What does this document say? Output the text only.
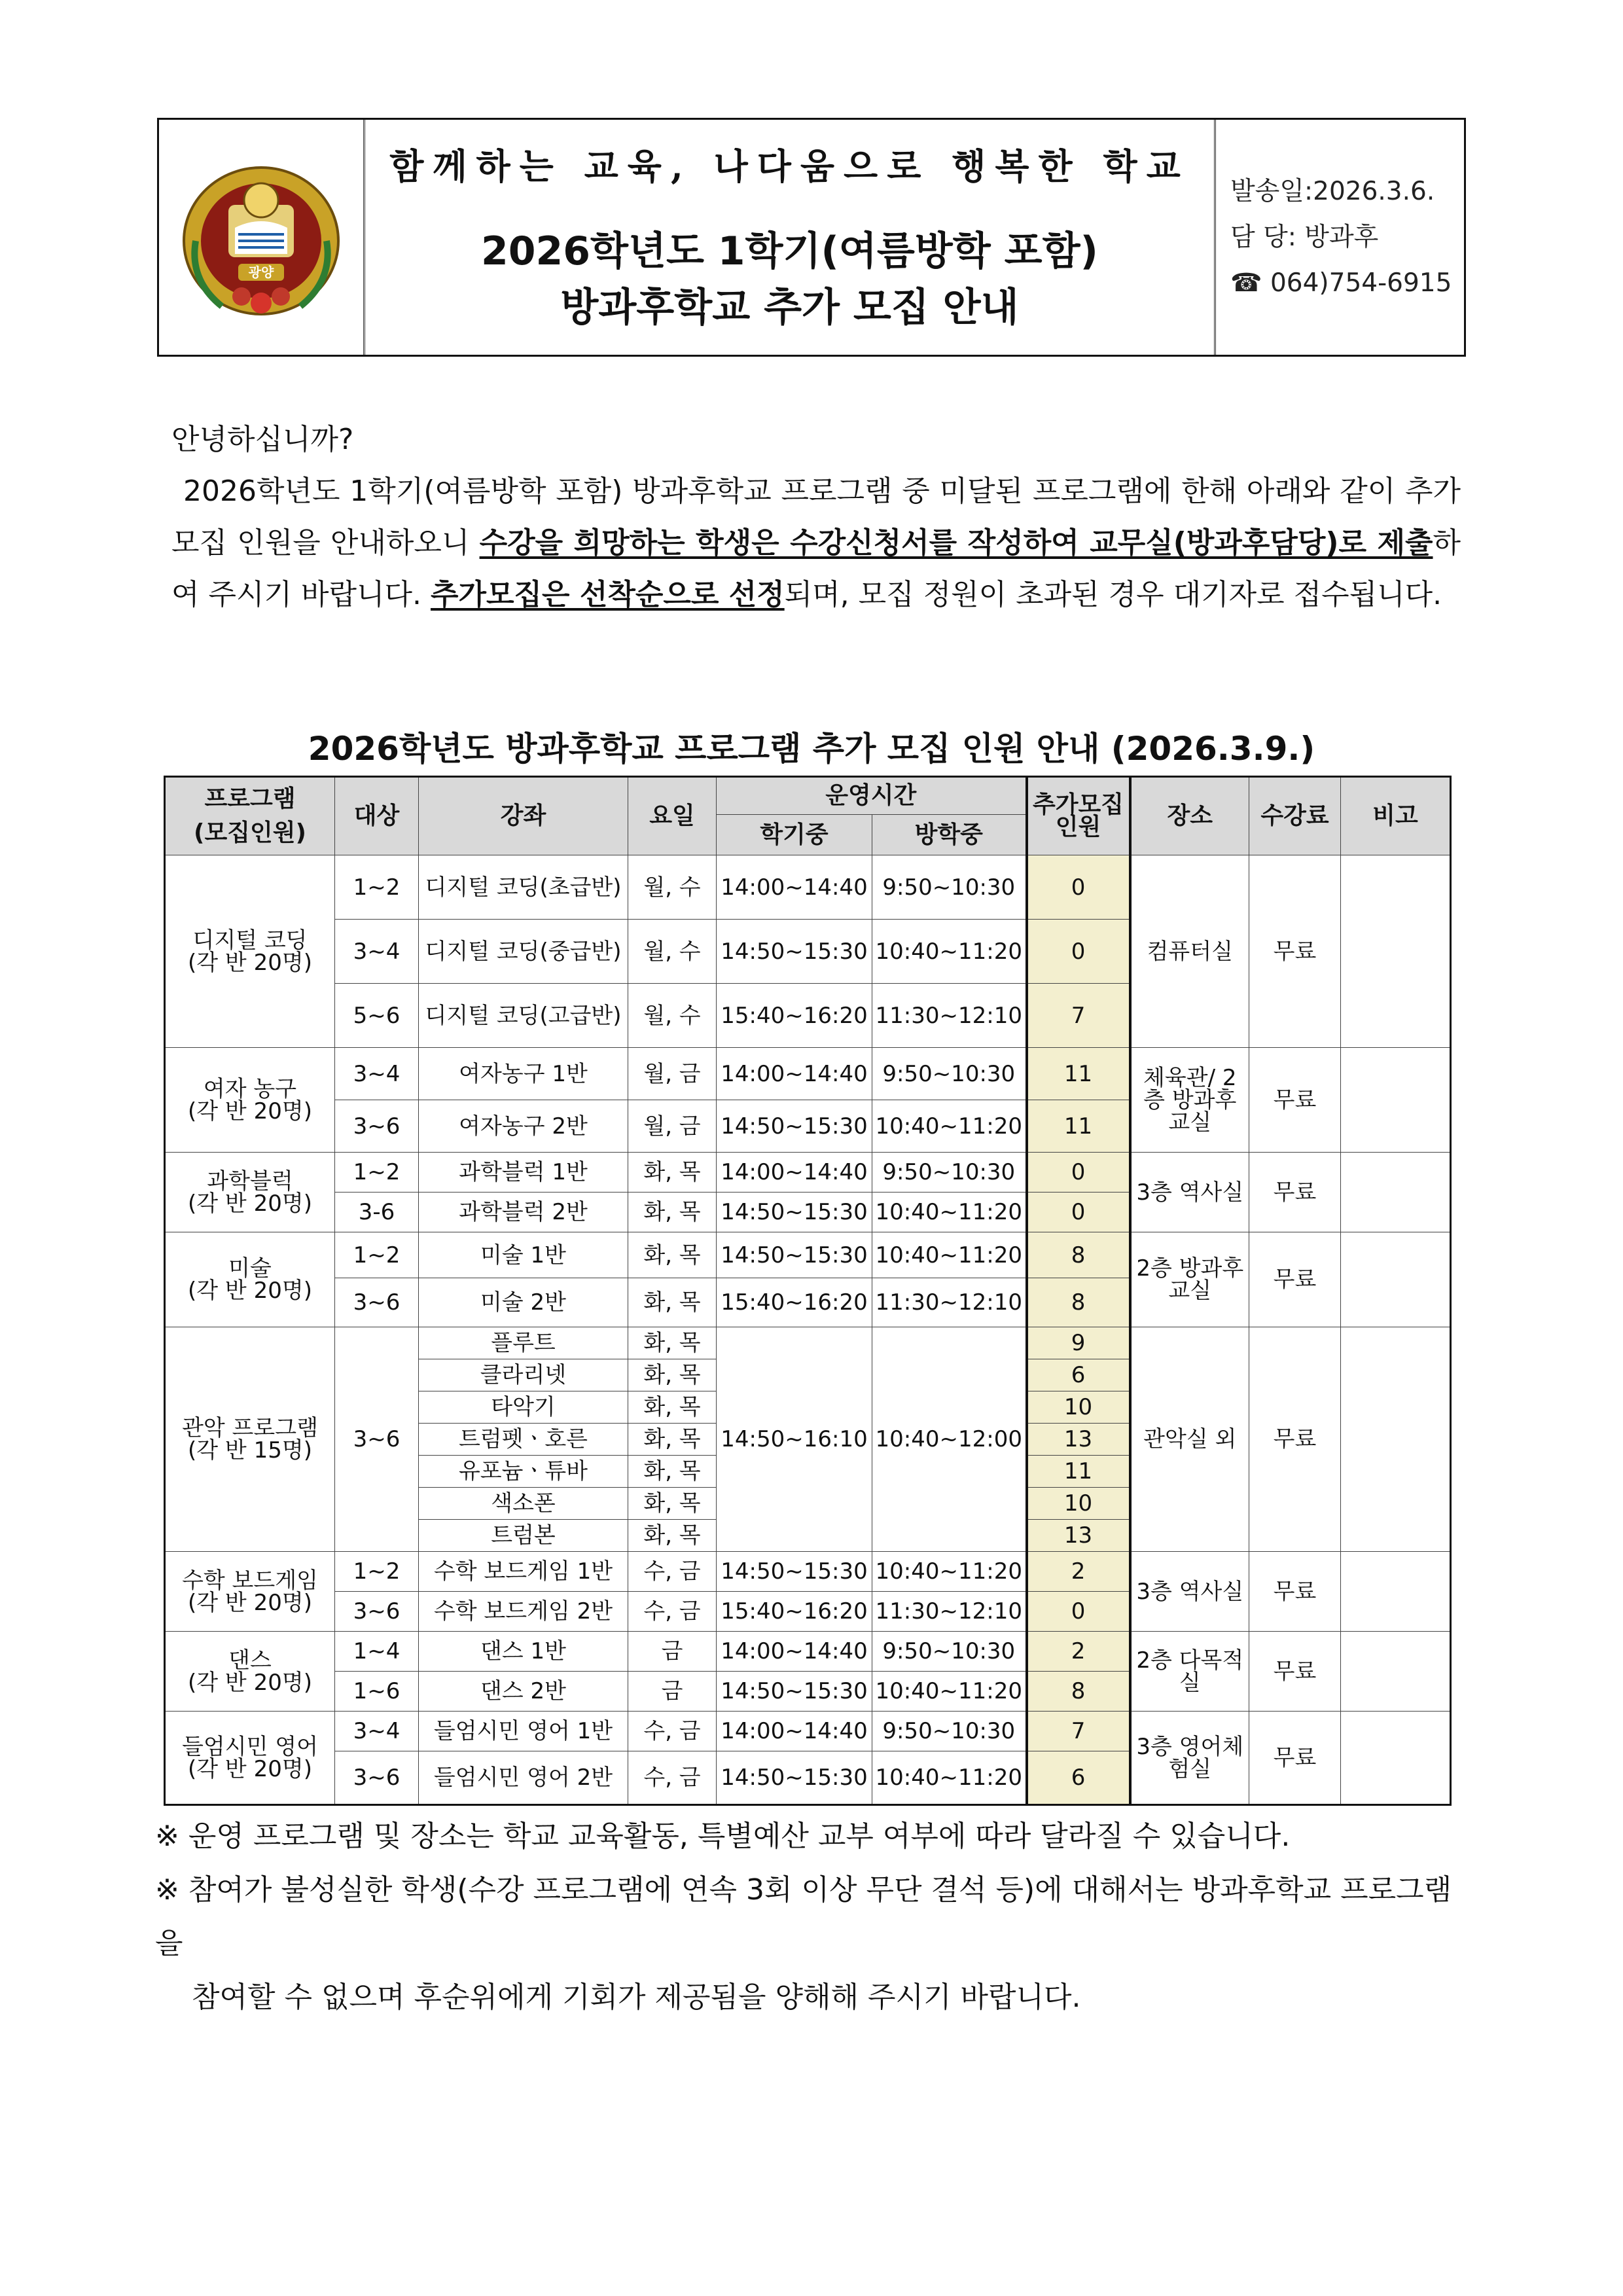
광양
함께하는 교육, 나다움으로 행복한 학교
2026학년도 1학기(여름방학 포함)
방과후학교 추가 모집 안내
발송일:2026.3.6.
담 당: 방과후
☎ 064)754-6915

안녕하십니까?

2026학년도 1학기(여름방학 포함) 방과후학교 프로그램 중 미달된 프로그램에 한해 아래와 같이 추가모집 인원을 안내하오니 수강을 희망하는 학생은 수강신청서를 작성하여 교무실(방과후담당)로 제출하여 주시기 바랍니다. 추가모집은 선착순으로 선정되며, 모집 정원이 초과된 경우 대기자로 접수됩니다.

2026학년도 방과후학교 프로그램 추가 모집 인원 안내 (2026.3.9.)
프로그램
(모집인원)	대상	강좌	요일	운영시간		추가모집 인원	장소	수강료	비고
				학기중	방학중				

디지털 코딩
(각 반 20명)	1~2	디지털 코딩(초급반)	월, 수	14:00~14:40	9:50~10:30	0	컴퓨터실	무료	
	3~4	디지털 코딩(중급반)	월, 수	14:50~15:30	10:40~11:20	0			
	5~6	디지털 코딩(고급반)	월, 수	15:40~16:20	11:30~12:10	7			

여자 농구
(각 반 20명)	3~4	여자농구 1반	월, 금	14:00~14:40	9:50~10:30	11	체육관/ 2층 방과후교실	무료	
	3~6	여자농구 2반	월, 금	14:50~15:30	10:40~11:20	11			

과학블럭
(각 반 20명)	1~2	과학블럭 1반	화, 목	14:00~14:40	9:50~10:30	0	3층 역사실	무료	
	3-6	과학블럭 2반	화, 목	14:50~15:30	10:40~11:20	0			

미술
(각 반 20명)	1~2	미술 1반	화, 목	14:50~15:30	10:40~11:20	8	2층 방과후교실	무료	
	3~6	미술 2반	화, 목	15:40~16:20	11:30~12:10	8			

관악 프로그램
(각 반 15명)	3~6	플루트	화, 목	14:50~16:10	10:40~12:00	9	관악실 외	무료	
		클라리넷	화, 목			6			
		타악기	화, 목			10			
		트럼펫ㆍ호른	화, 목			13			
		유포늄ㆍ튜바	화, 목			11			
		색소폰	화, 목			10			
		트럼본	화, 목			13			

수학 보드게임
(각 반 20명)	1~2	수학 보드게임 1반	수, 금	14:50~15:30	10:40~11:20	2	3층 역사실	무료	
	3~6	수학 보드게임 2반	수, 금	15:40~16:20	11:30~12:10	0			

댄스
(각 반 20명)	1~4	댄스 1반	금	14:00~14:40	9:50~10:30	2	2층 다목적실	무료	
	1~6	댄스 2반	금	14:50~15:30	10:40~11:20	8			

들엄시민 영어
(각 반 20명)	3~4	들엄시민 영어 1반	수, 금	14:00~14:40	9:50~10:30	7	3층 영어체험실	무료	
	3~6	들엄시민 영어 2반	수, 금	14:50~15:30	10:40~11:20	6			

※ 운영 프로그램 및 장소는 학교 교육활동, 특별예산 교부 여부에 따라 달라질 수 있습니다.

※ 참여가 불성실한 학생(수강 프로그램에 연속 3회 이상 무단 결석 등)에 대해서는 방과후학교 프로그램을

참여할 수 없으며 후순위에게 기회가 제공됨을 양해해 주시기 바랍니다.
